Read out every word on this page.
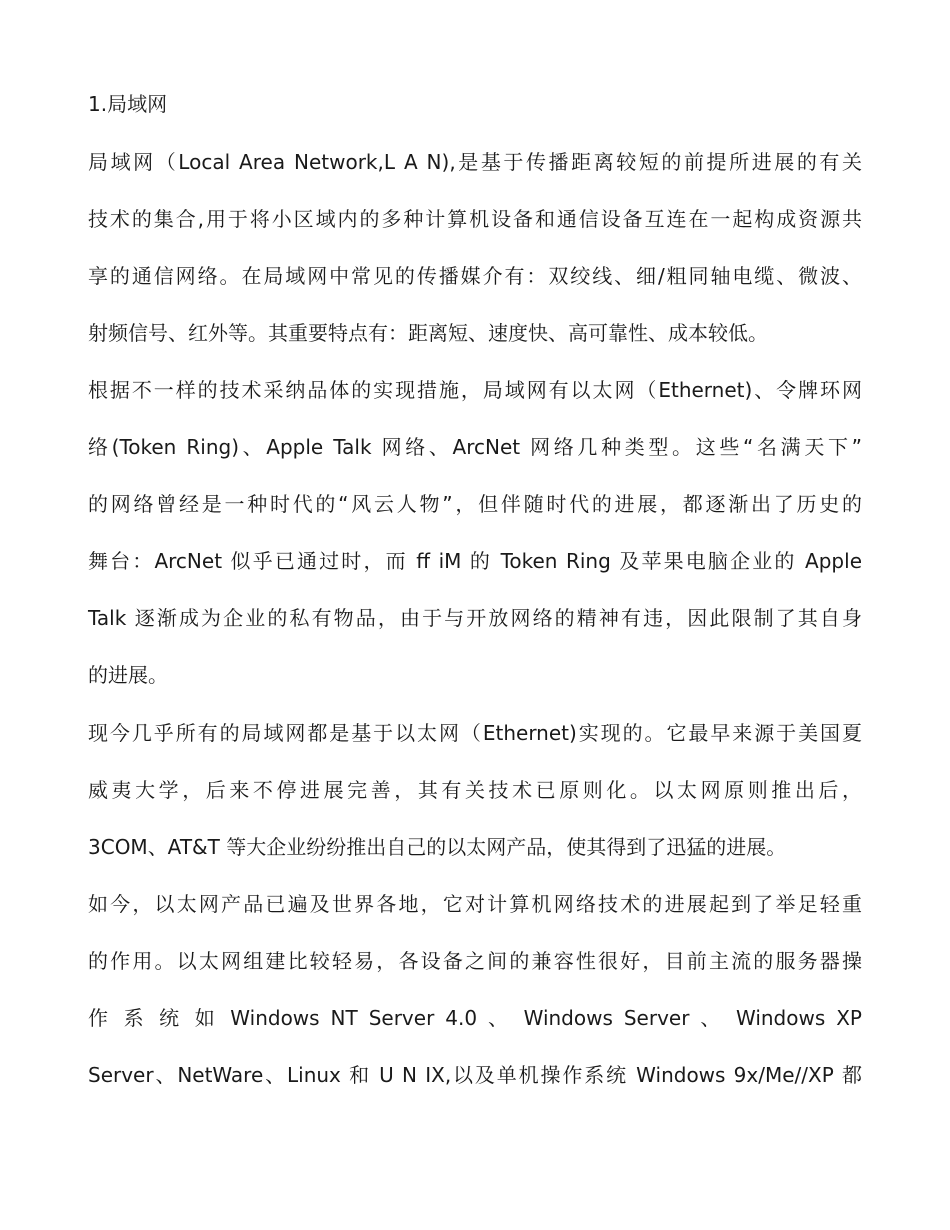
1.局域网
局域网（Local Area Network,L A N),是基于传播距离较短的前提所进展的有关
技术的集合,用于将小区域内的多种计算机设备和通信设备互连在一起构成资源共
享的通信网络。在局域网中常见的传播媒介有：双绞线、细/粗同轴电缆、微波、
射频信号、红外等。其重要特点有：距离短、速度快、高可靠性、成本较低。
根据不一样的技术采纳品体的实现措施，局域网有以太网（Ethernet)、令牌环网
络(Token Ring)、Apple Talk 网络、ArcNet 网络几种类型。这些“名满天下”
的网络曾经是一种时代的“风云人物”，但伴随时代的进展，都逐渐出了历史的
舞台：ArcNet 似乎已通过时，而 ff iM 的 Token Ring 及苹果电脑企业的 Apple
Talk 逐渐成为企业的私有物品，由于与开放网络的精神有违，因此限制了其自身
的进展。
现今几乎所有的局域网都是基于以太网（Ethernet)实现的。它最早来源于美国夏
威夷大学，后来不停进展完善，其有关技术已原则化。以太网原则推出后，
3COM、AT&T 等大企业纷纷推出自己的以太网产品，使其得到了迅猛的进展。
如今，以太网产品已遍及世界各地，它对计算机网络技术的进展起到了举足轻重
的作用。以太网组建比较轻易，各设备之间的兼容性很好，目前主流的服务器操
作 系 统 如 Windows NT Server 4.0 、 Windows Server 、 Windows XP
Server、NetWare、Linux 和 U N IX,以及单机操作系统 Windows 9x/Me//XP 都
